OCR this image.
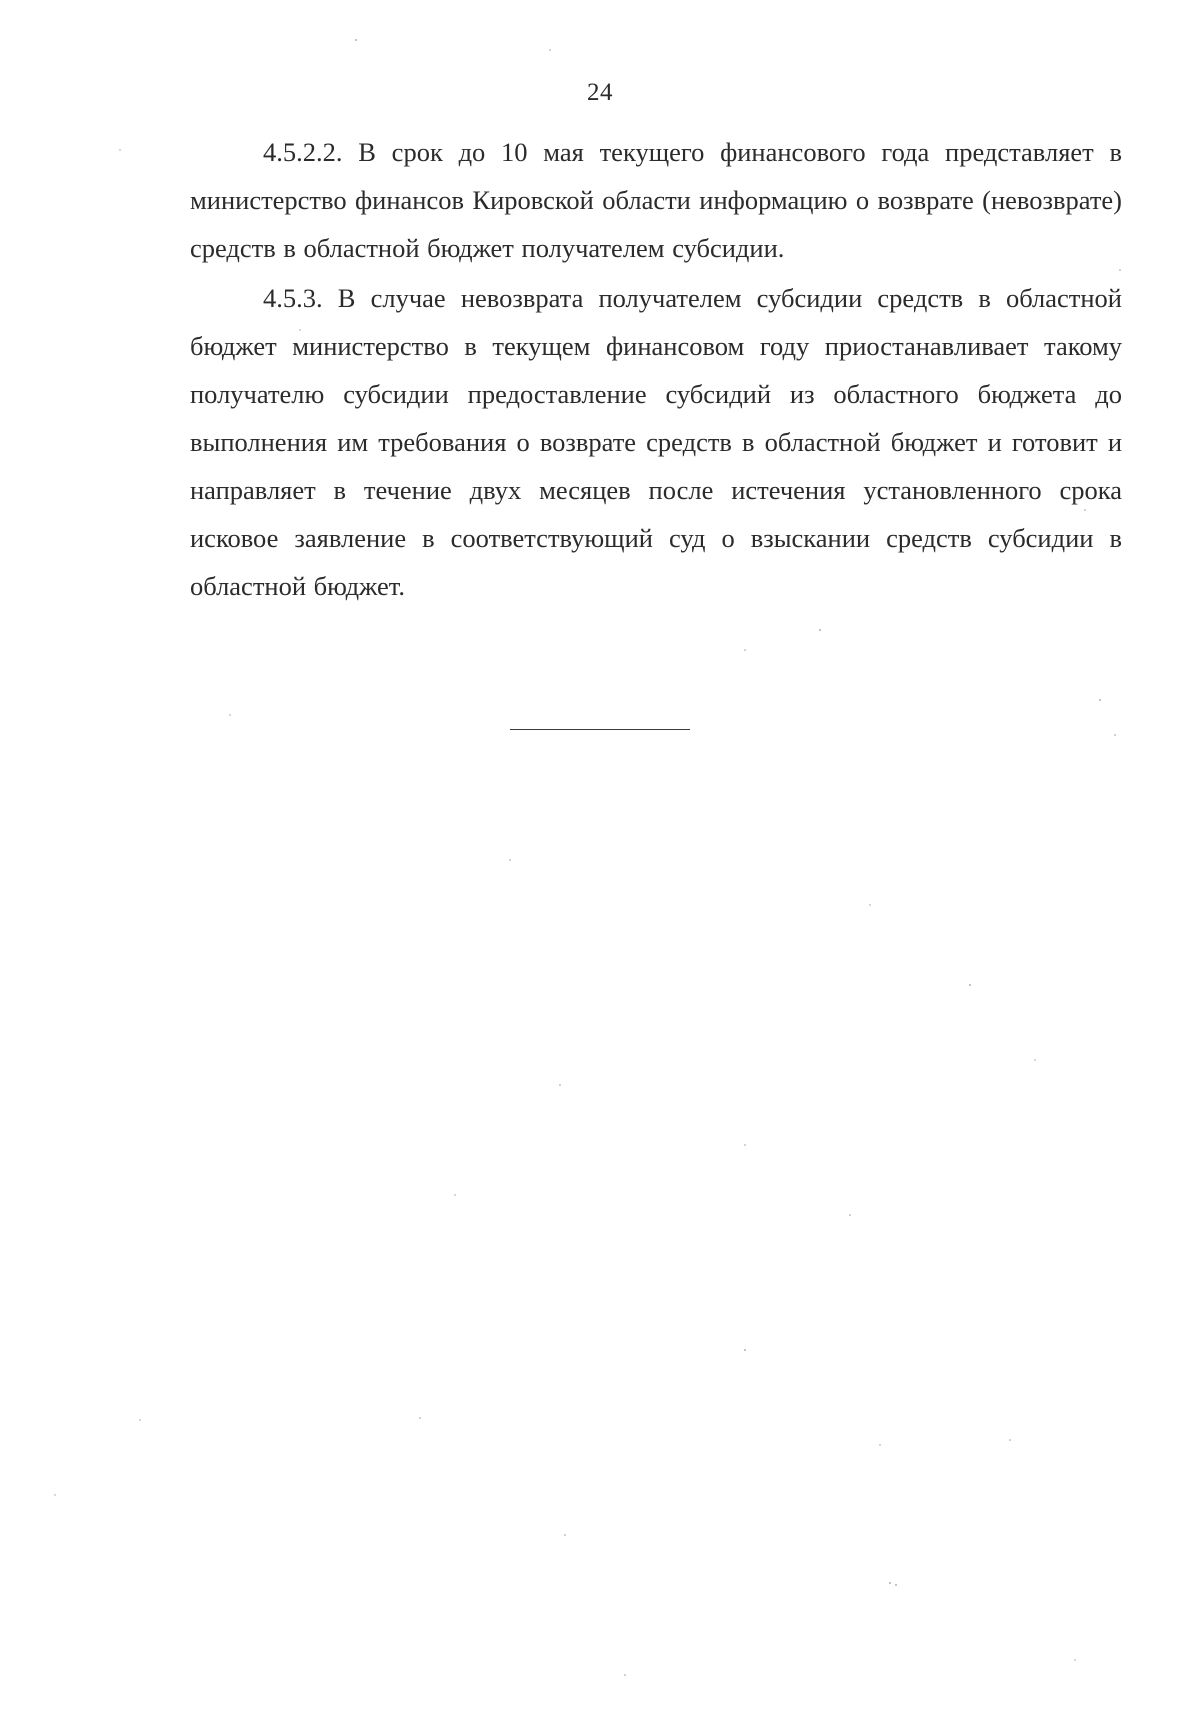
24

4.5.2.2. В срок до 10 мая текущего финансового года представляет в министерство финансов Кировской области информацию о возврате (невозврате) средств в областной бюджет получателем субсидии.

4.5.3. В случае невозврата получателем субсидии средств в областной бюджет министерство в текущем финансовом году приостанавливает такому получателю субсидии предоставление субсидий из областного бюджета до выполнения им требования о возврате средств в областной бюджет и готовит и направляет в течение двух месяцев после истечения установленного срока исковое заявление в соответствующий суд о взыскании средств субсидии в областной бюджет.
